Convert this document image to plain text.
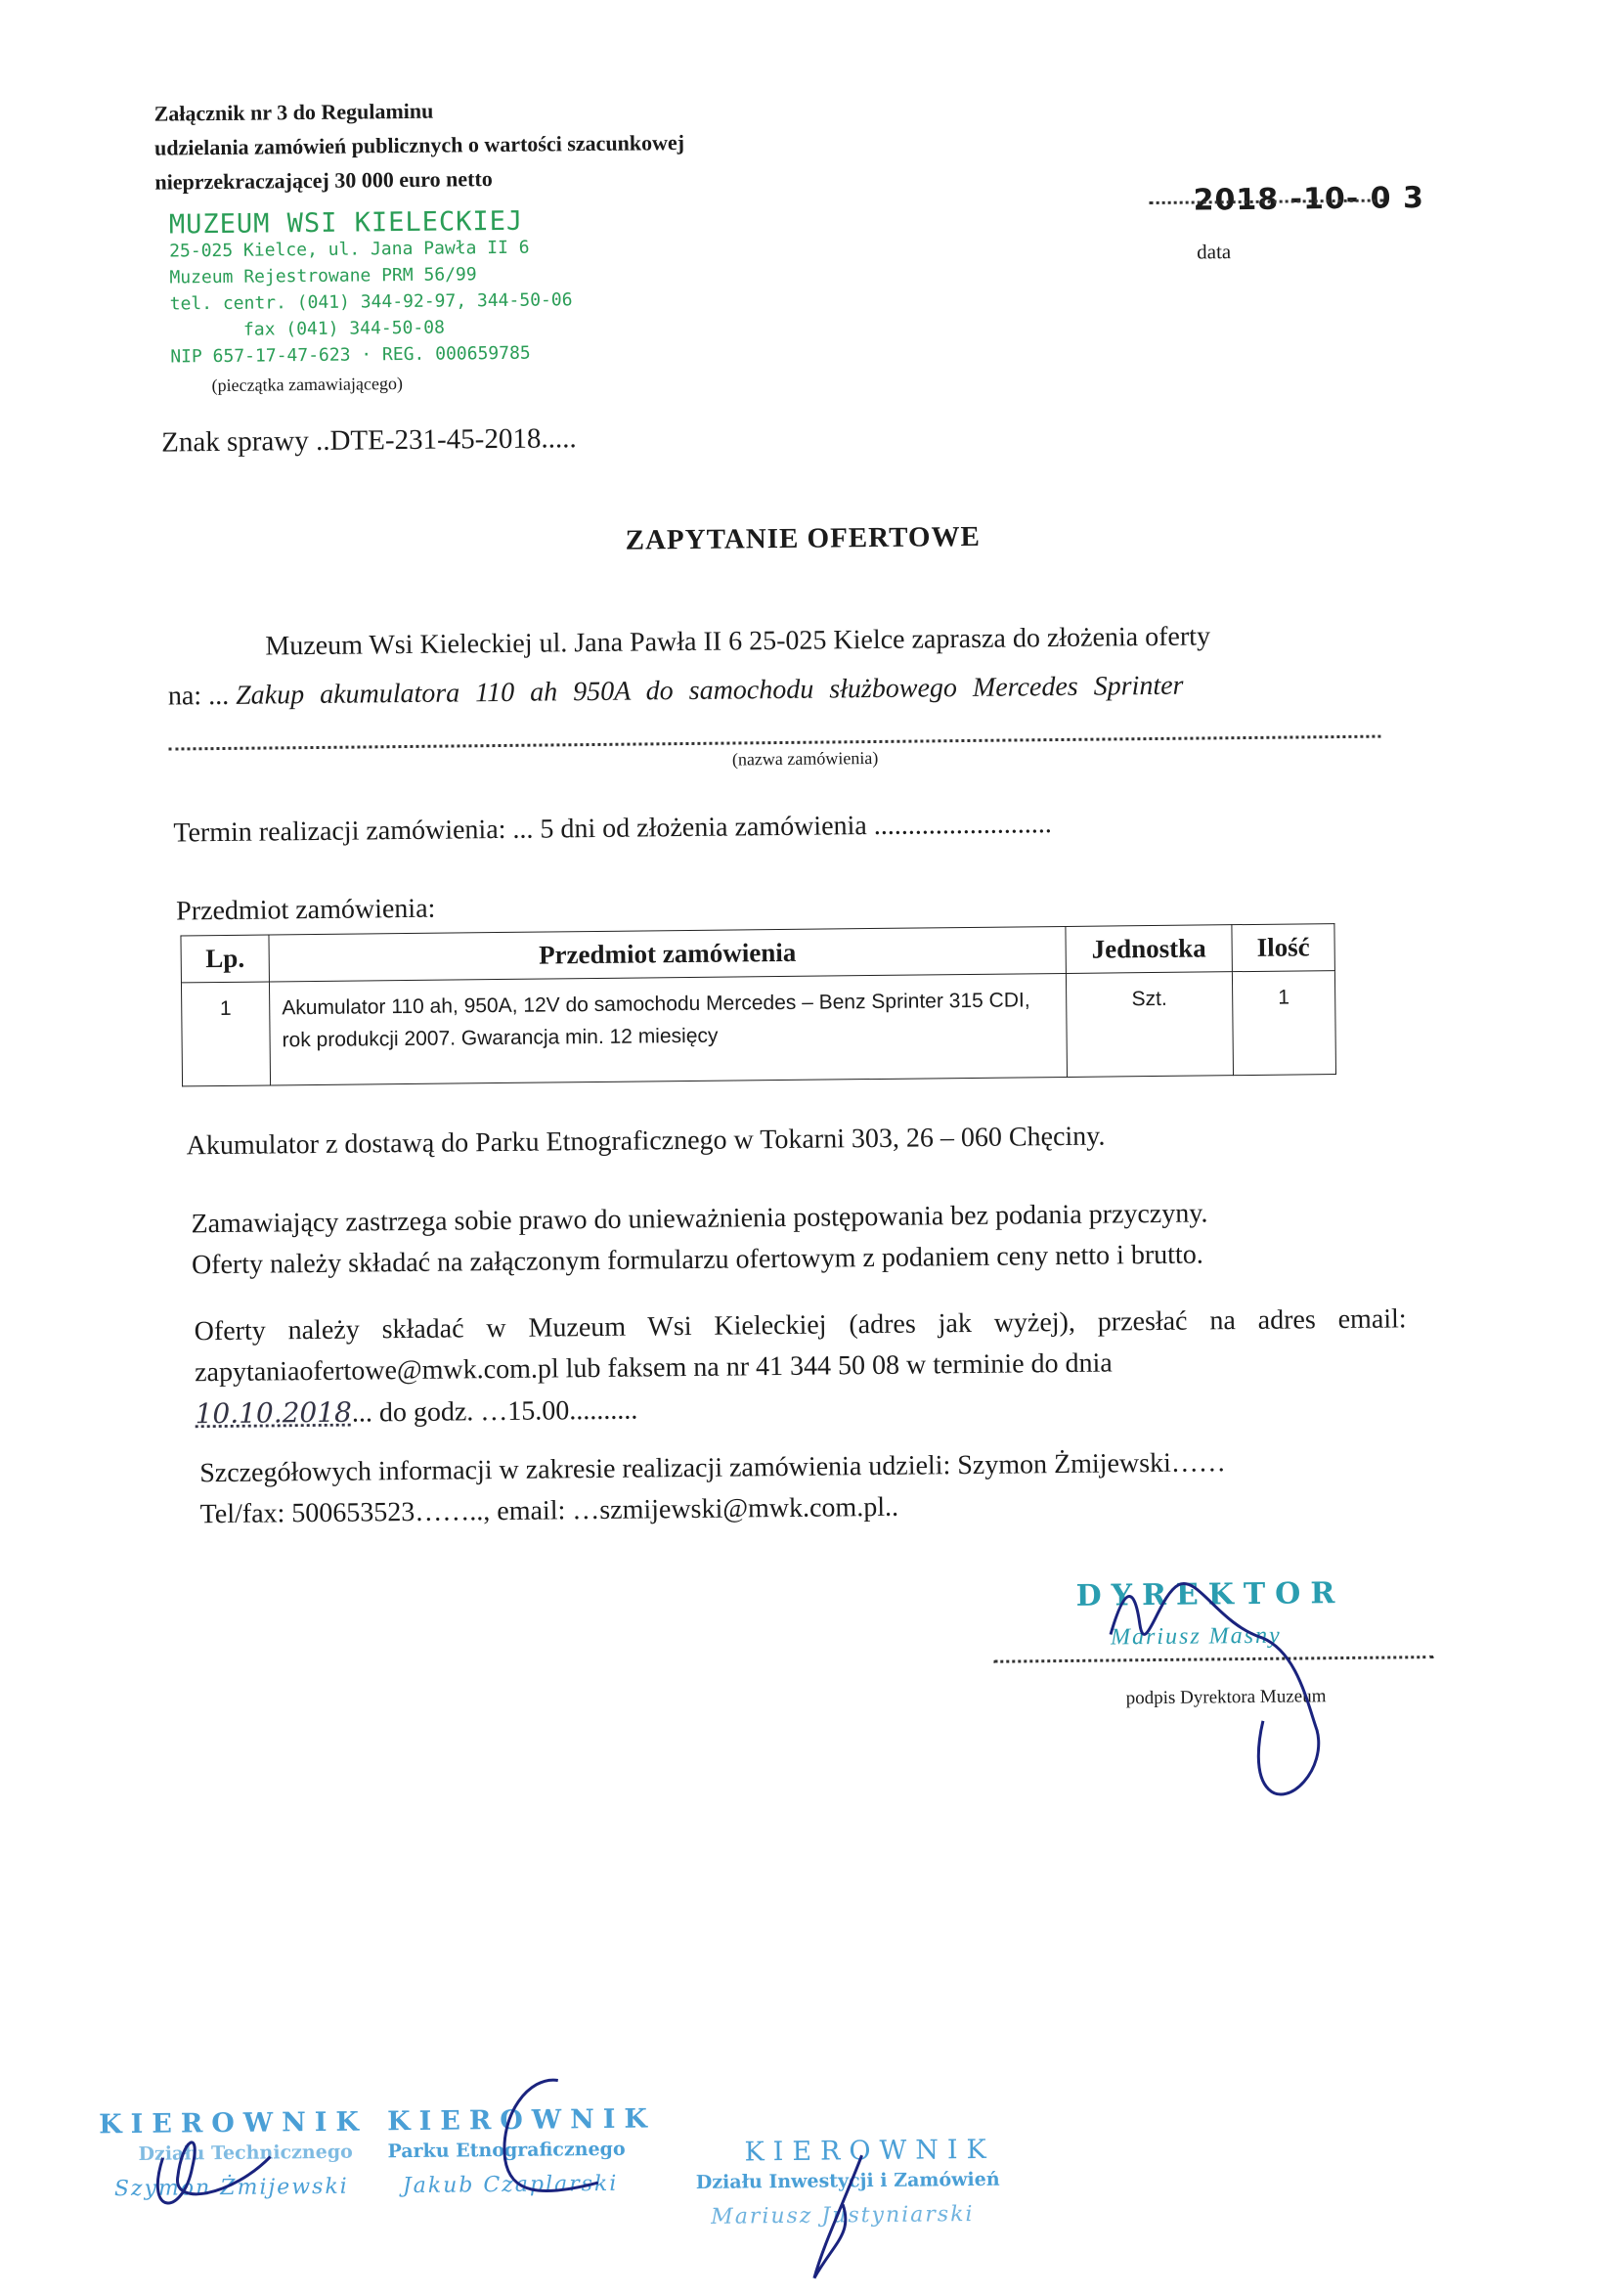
Załącznik nr 3 do Regulaminu
udzielania zamówień publicznych o wartości szacunkowej
nieprzekraczającej 30 000 euro netto
MUZEUM WSI KIELECKIEJ
25-025 Kielce, ul. Jana Pawła II 6
Muzeum Rejestrowane PRM 56/99
tel. centr. (041) 344-92-97, 344-50-06
fax (041) 344-50-08
NIP 657-17-47-623 · REG. 000659785
(pieczątka zamawiającego)
2018 -10- 0 3
data
Znak sprawy ..DTE-231-45-2018.....
ZAPYTANIE OFERTOWE
Muzeum Wsi Kieleckiej ul. Jana Pawła II 6 25-025 Kielce zaprasza do złożenia oferty
na: ... Zakup akumulatora 110 ah 950A do samochodu służbowego Mercedes Sprinter
(nazwa zamówienia)
Termin realizacji zamówienia: ... 5 dni od złożenia zamówienia ..........................
Przedmiot zamówienia:
Lp.	Przedmiot zamówienia	Jednostka	Ilość
1	Akumulator 110 ah, 950A, 12V do samochodu Mercedes – Benz Sprinter 315 CDI, rok produkcji 2007. Gwarancja min. 12 miesięcy	Szt.	1
Akumulator z dostawą do Parku Etnograficznego w Tokarni 303, 26 – 060 Chęciny.
Zamawiający zastrzega sobie prawo do unieważnienia postępowania bez podania przyczyny.
Oferty należy składać na załączonym formularzu ofertowym z podaniem ceny netto i brutto.
Oferty należy składać w Muzeum Wsi Kieleckiej (adres jak wyżej), przesłać na adres email: zapytaniaofertowe@mwk.com.pl lub faksem na nr 41 344 50 08 w terminie do dnia
10.10.2018... do godz. …15.00..........
Szczegółowych informacji w zakresie realizacji zamówienia udzieli: Szymon Żmijewski……
Tel/fax: 500653523…….., email: …szmijewski@mwk.com.pl..
DYREKTOR
Mariusz Masny
podpis Dyrektora Muzeum
KIEROWNIK
Działu Technicznego
Szymon Żmijewski
KIEROWNIK
Parku Etnograficznego
Jakub Czaplarski
KIEROWNIK
Działu Inwestycji i Zamówień
Mariusz Justyniarski
